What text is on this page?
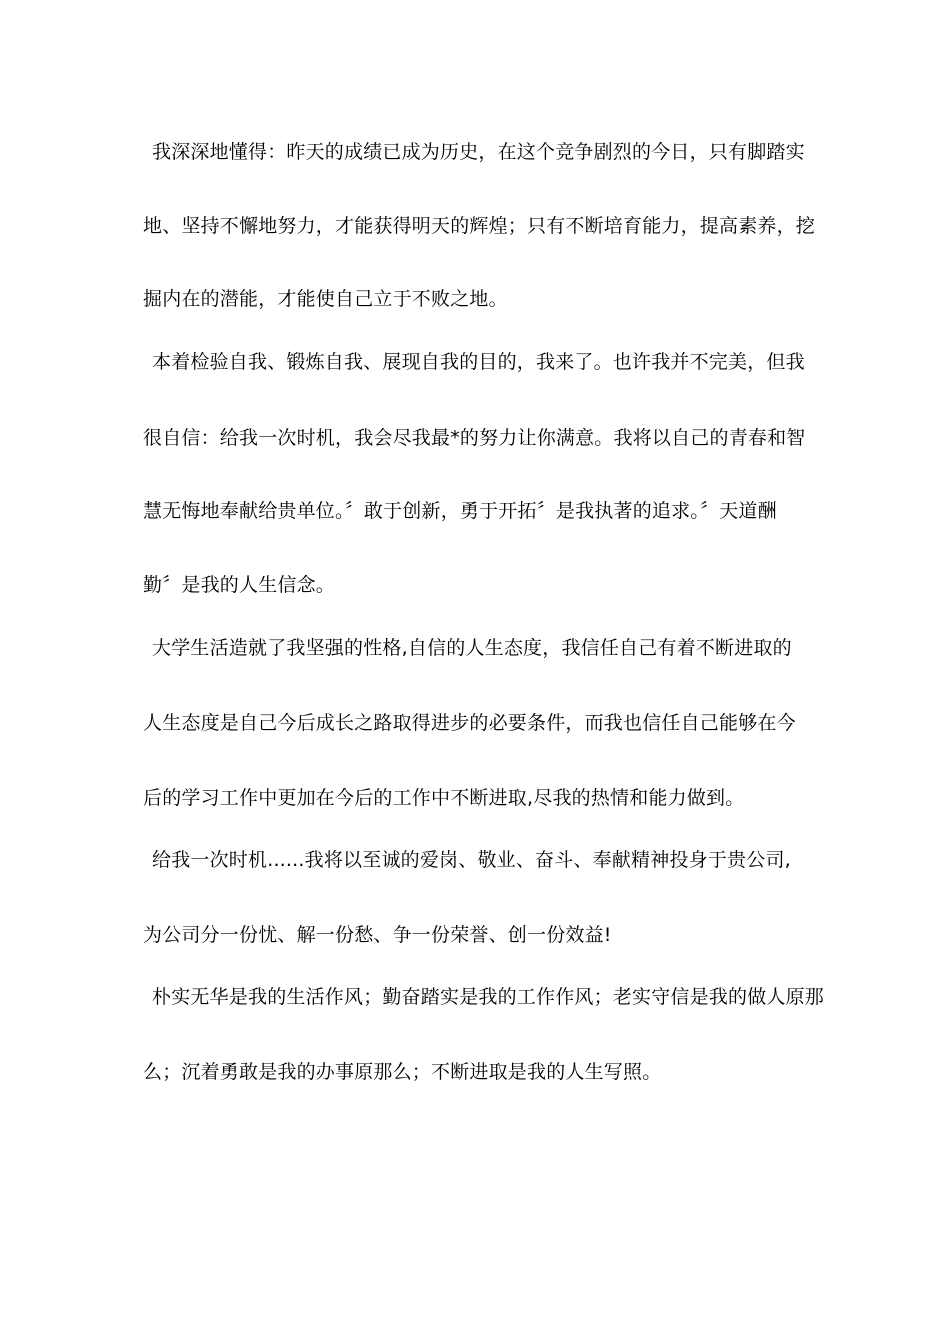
我深深地懂得：昨天的成绩已成为历史，在这个竞争剧烈的今日，只有脚踏实
地、坚持不懈地努力，才能获得明天的辉煌；只有不断培育能力，提高素养，挖
掘内在的潜能，才能使自己立于不败之地。
本着检验自我、锻炼自我、展现自我的目的，我来了。也许我并不完美，但我
很自信：给我一次时机，我会尽我最*的努力让你满意。我将以自己的青春和智
慧无悔地奉献给贵单位。〞敢于创新，勇于开拓〞是我执著的追求。〞天道酬
勤〞是我的人生信念。
大学生活造就了我坚强的性格,自信的人生态度，我信任自己有着不断进取的
人生态度是自己今后成长之路取得进步的必要条件，而我也信任自己能够在今
后的学习工作中更加在今后的工作中不断进取,尽我的热情和能力做到。
给我一次时机......我将以至诚的爱岗、敬业、奋斗、奉献精神投身于贵公司,
为公司分一份忧、解一份愁、争一份荣誉、创一份效益!
朴实无华是我的生活作风；勤奋踏实是我的工作作风；老实守信是我的做人原那
么；沉着勇敢是我的办事原那么；不断进取是我的人生写照。
